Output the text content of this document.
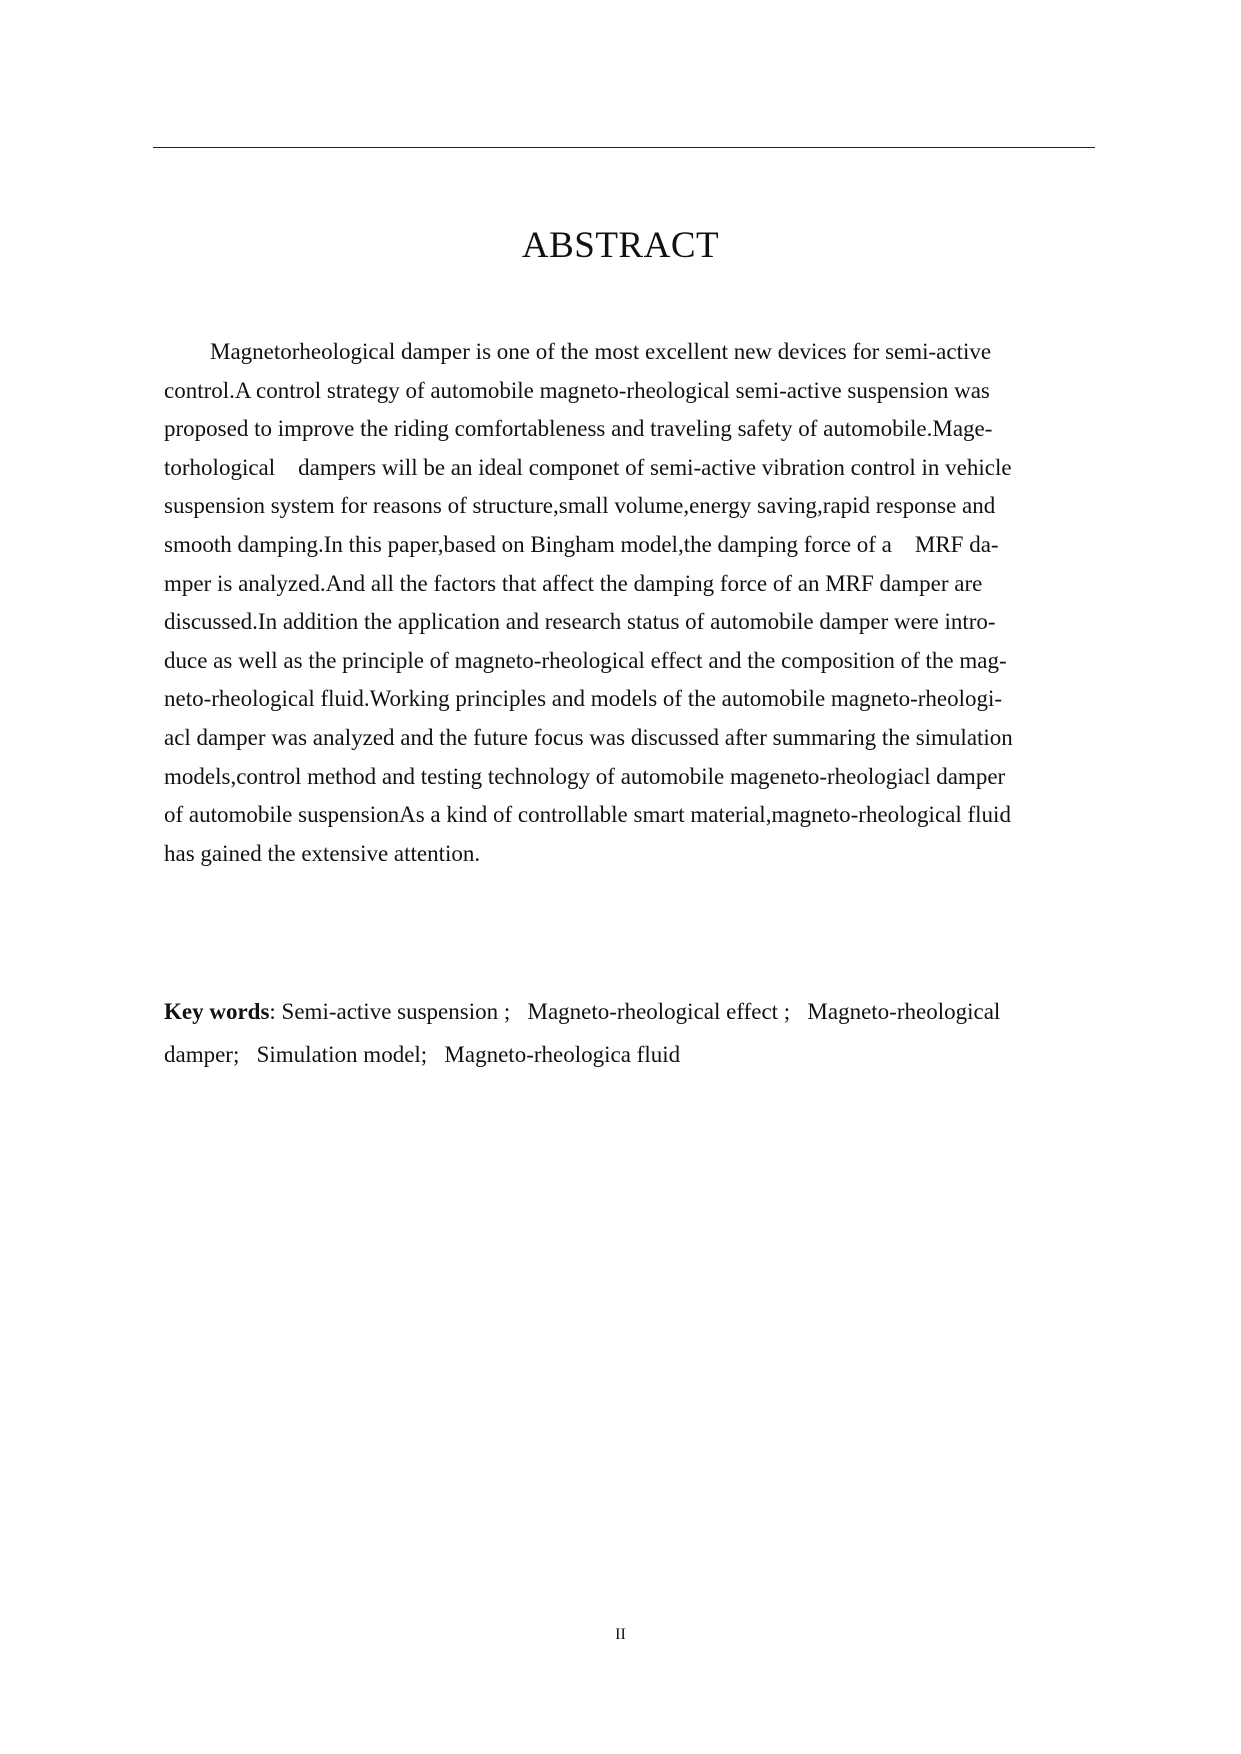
ABSTRACT
Magnetorheological damper is one of the most excellent new devices for semi-active
control.A control strategy of automobile magneto-rheological semi-active suspension was
proposed to improve the riding comfortableness and traveling safety of automobile.Mage-
torhological    dampers will be an ideal componet of semi-active vibration control in vehicle
suspension system for reasons of structure,small volume,energy saving,rapid response and
smooth damping.In this paper,based on Bingham model,the damping force of a    MRF da-
mper is analyzed.And all the factors that affect the damping force of an MRF damper are
discussed.In addition the application and research status of automobile damper were intro-
duce as well as the principle of magneto-rheological effect and the composition of the mag-
neto-rheological fluid.Working principles and models of the automobile magneto-rheologi-
acl damper was analyzed and the future focus was discussed after summaring the simulation
models,control method and testing technology of automobile mageneto-rheologiacl damper
of automobile suspensionAs a kind of controllable smart material,magneto-rheological fluid
has gained the extensive attention.
Key words: Semi-active suspension ;   Magneto-rheological effect ;   Magneto-rheological
damper;   Simulation model;   Magneto-rheologica fluid
II
